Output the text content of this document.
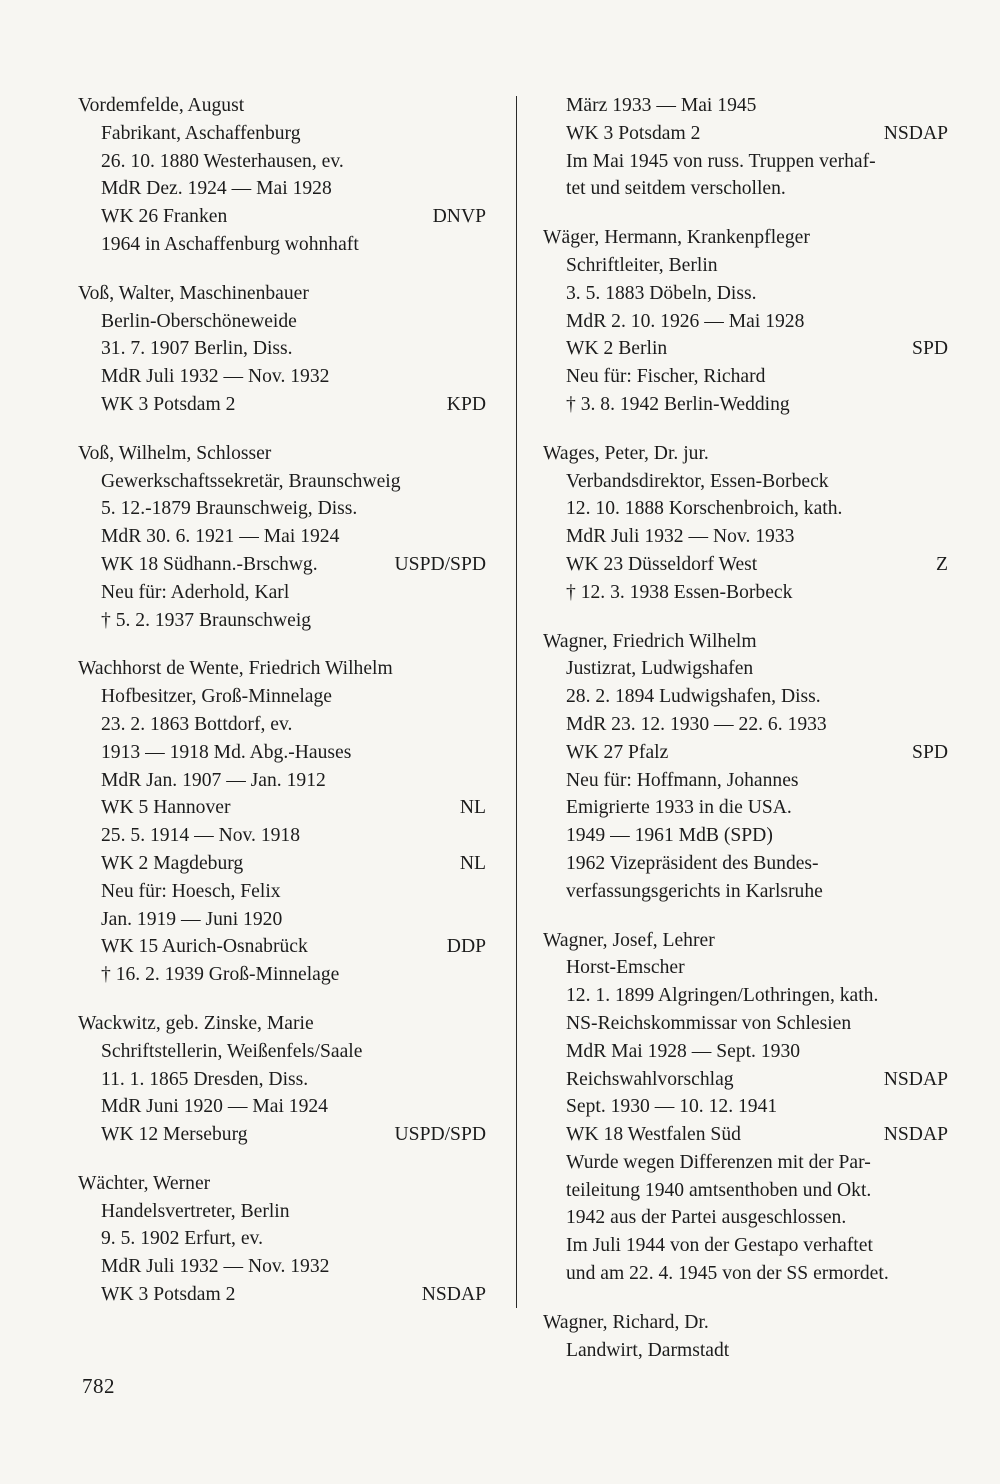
Vordemfelde, August
Fabrikant, Aschaffenburg
26. 10. 1880 Westerhausen, ev.
MdR Dez. 1924 — Mai 1928
WK 26 Franken	DNVP
1964 in Aschaffenburg wohnhaft
Voß, Walter, Maschinenbauer
Berlin-Oberschöneweide
31. 7. 1907 Berlin, Diss.
MdR Juli 1932 — Nov. 1932
WK 3 Potsdam 2	KPD
Voß, Wilhelm, Schlosser
Gewerkschaftssekretär, Braunschweig
5. 12.-1879 Braunschweig, Diss.
MdR 30. 6. 1921 — Mai 1924
WK 18 Südhann.-Brschwg.	USPD/SPD
Neu für: Aderhold, Karl
† 5. 2. 1937 Braunschweig
Wachhorst de Wente, Friedrich Wilhelm
Hofbesitzer, Groß-Minnelage
23. 2. 1863 Bottdorf, ev.
1913 — 1918 Md. Abg.-Hauses
MdR Jan. 1907 — Jan. 1912
WK 5 Hannover	NL
25. 5. 1914 — Nov. 1918
WK 2 Magdeburg	NL
Neu für: Hoesch, Felix
Jan. 1919 — Juni 1920
WK 15 Aurich-Osnabrück	DDP
† 16. 2. 1939 Groß-Minnelage
Wackwitz, geb. Zinske, Marie
Schriftstellerin, Weißenfels/Saale
11. 1. 1865 Dresden, Diss.
MdR Juni 1920 — Mai 1924
WK 12 Merseburg	USPD/SPD
Wächter, Werner
Handelsvertreter, Berlin
9. 5. 1902 Erfurt, ev.
MdR Juli 1932 — Nov. 1932
WK 3 Potsdam 2	NSDAP
März 1933 — Mai 1945
WK 3 Potsdam 2	NSDAP
Im Mai 1945 von russ. Truppen verhaf-
tet und seitdem verschollen.
Wäger, Hermann, Krankenpfleger
Schriftleiter, Berlin
3. 5. 1883 Döbeln, Diss.
MdR 2. 10. 1926 — Mai 1928
WK 2 Berlin	SPD
Neu für: Fischer, Richard
† 3. 8. 1942 Berlin-Wedding
Wages, Peter, Dr. jur.
Verbandsdirektor, Essen-Borbeck
12. 10. 1888 Korschenbroich, kath.
MdR Juli 1932 — Nov. 1933
WK 23 Düsseldorf West	Z
† 12. 3. 1938 Essen-Borbeck
Wagner, Friedrich Wilhelm
Justizrat, Ludwigshafen
28. 2. 1894 Ludwigshafen, Diss.
MdR 23. 12. 1930 — 22. 6. 1933
WK 27 Pfalz	SPD
Neu für: Hoffmann, Johannes
Emigrierte 1933 in die USA.
1949 — 1961 MdB (SPD)
1962 Vizepräsident des Bundes-
verfassungsgerichts in Karlsruhe
Wagner, Josef, Lehrer
Horst-Emscher
12. 1. 1899 Algringen/Lothringen, kath.
NS-Reichskommissar von Schlesien
MdR Mai 1928 — Sept. 1930
Reichswahlvorschlag	NSDAP
Sept. 1930 — 10. 12. 1941
WK 18 Westfalen Süd	NSDAP
Wurde wegen Differenzen mit der Par-
teileitung 1940 amtsenthoben und Okt.
1942 aus der Partei ausgeschlossen.
Im Juli 1944 von der Gestapo verhaftet
und am 22. 4. 1945 von der SS ermordet.
Wagner, Richard, Dr.
Landwirt, Darmstadt
782
